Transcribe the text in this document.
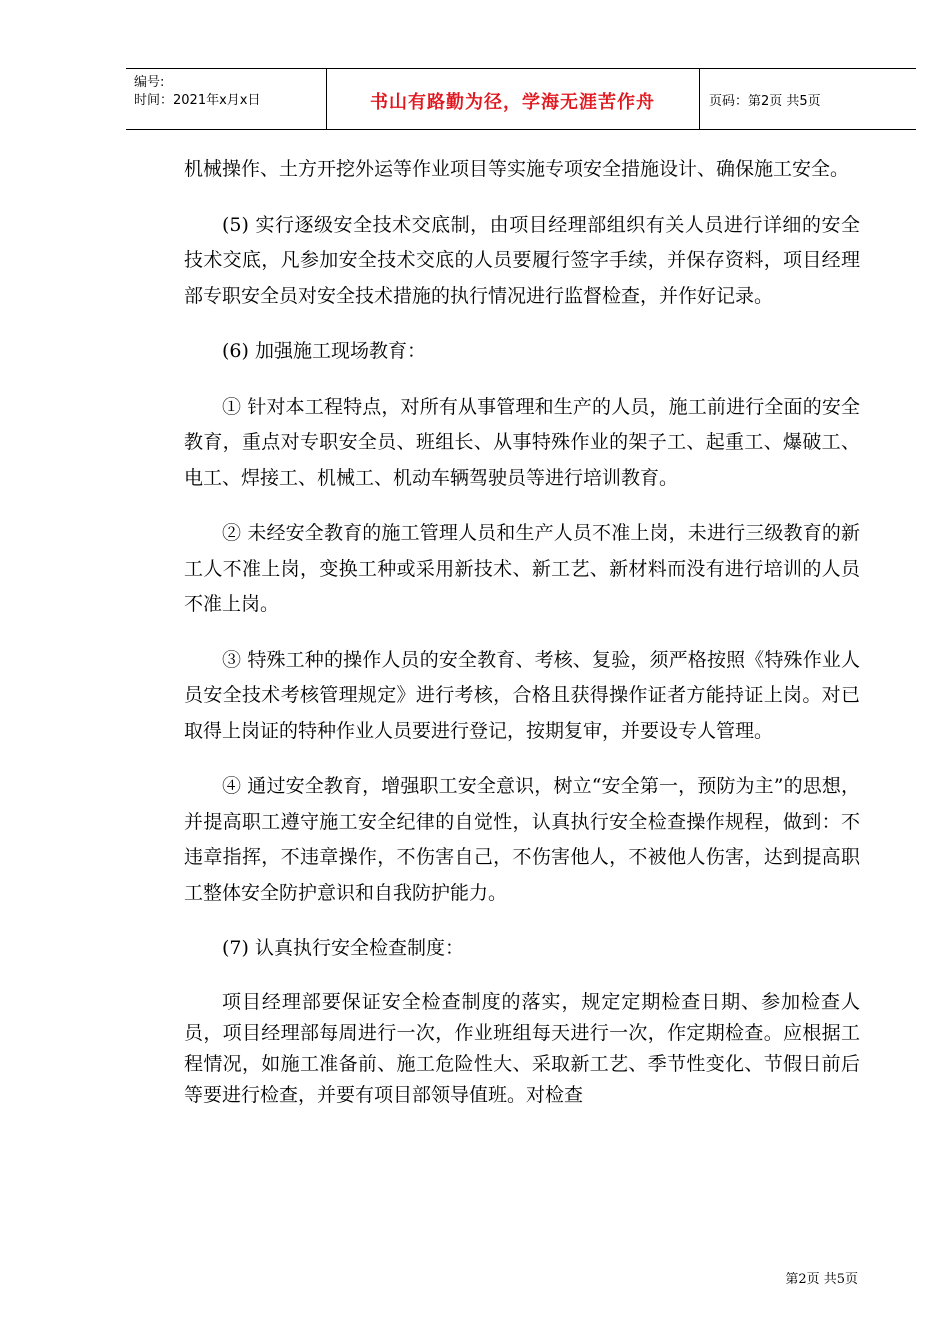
编号:
时间：2021年x月x日	书山有路勤为径，学海无涯苦作舟	页码：第2页 共5页

机械操作、土方开挖外运等作业项目等实施专项安全措施设计、确保施工安全。

(5) 实行逐级安全技术交底制，由项目经理部组织有关人员进行详细的安全技术交底，凡参加安全技术交底的人员要履行签字手续，并保存资料，项目经理部专职安全员对安全技术措施的执行情况进行监督检查，并作好记录。

(6) 加强施工现场教育：

① 针对本工程特点，对所有从事管理和生产的人员，施工前进行全面的安全教育，重点对专职安全员、班组长、从事特殊作业的架子工、起重工、爆破工、电工、焊接工、机械工、机动车辆驾驶员等进行培训教育。

② 未经安全教育的施工管理人员和生产人员不准上岗，未进行三级教育的新工人不准上岗，变换工种或采用新技术、新工艺、新材料而没有进行培训的人员不准上岗。

③ 特殊工种的操作人员的安全教育、考核、复验，须严格按照《特殊作业人员安全技术考核管理规定》进行考核，合格且获得操作证者方能持证上岗。对已取得上岗证的特种作业人员要进行登记，按期复审，并要设专人管理。

④ 通过安全教育，增强职工安全意识，树立“安全第一，预防为主”的思想，并提高职工遵守施工安全纪律的自觉性，认真执行安全检查操作规程，做到：不违章指挥，不违章操作，不伤害自己，不伤害他人，不被他人伤害，达到提高职工整体安全防护意识和自我防护能力。

(7) 认真执行安全检查制度：

项目经理部要保证安全检查制度的落实，规定定期检查日期、参加检查人员，项目经理部每周进行一次，作业班组每天进行一次，作定期检查。应根据工程情况，如施工准备前、施工危险性大、采取新工艺、季节性变化、节假日前后等要进行检查，并要有项目部领导值班。对检查

第2页 共5页
